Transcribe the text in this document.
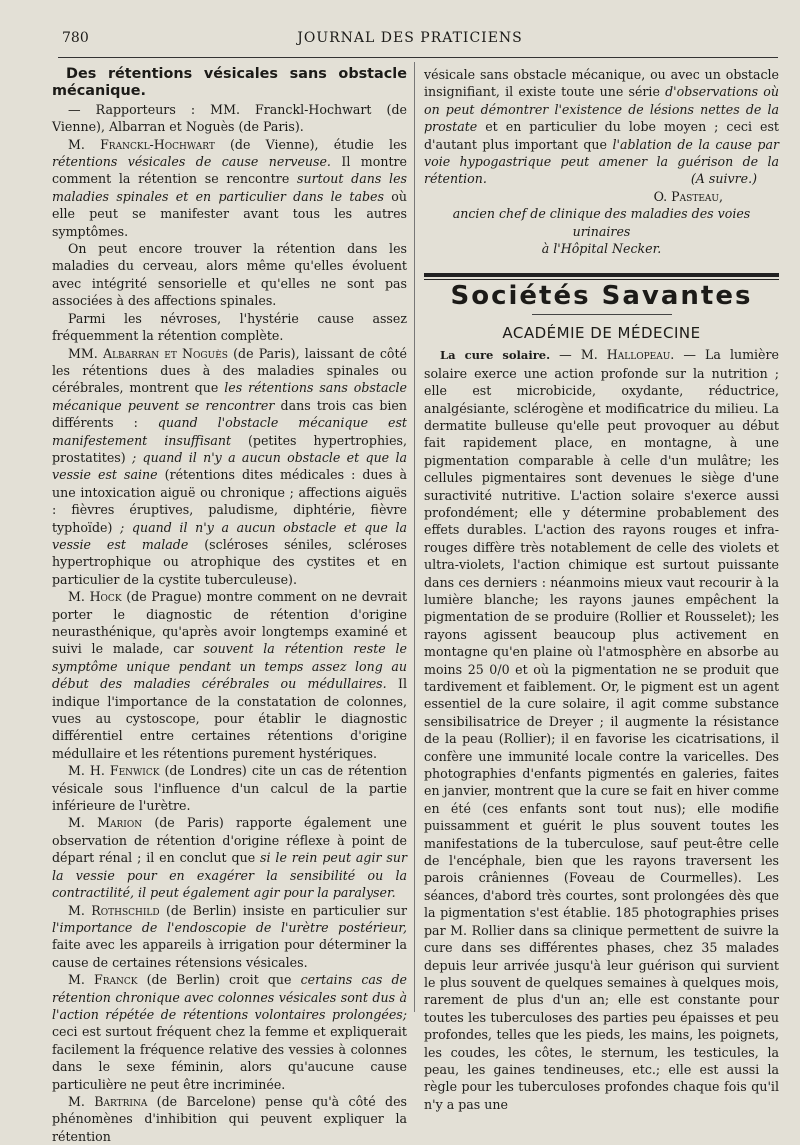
780	JOURNAL DES PRATICIENS

Des rétentions vésicales sans obstacle mécanique.

— Rapporteurs : MM. Franckl-Hochwart (de Vienne), Albarran et Noguès (de Paris).

M. Franckl-Hochwart (de Vienne), étudie les rétentions vésicales de cause nerveuse. Il montre comment la rétention se rencontre surtout dans les maladies spinales et en particulier dans le tabes où elle peut se manifester avant tous les autres symptômes.

On peut encore trouver la rétention dans les maladies du cerveau, alors même qu'elles évoluent avec intégrité sensorielle et qu'elles ne sont pas associées à des affections spinales.

Parmi les névroses, l'hystérie cause assez fréquemment la rétention complète.

MM. Albarran et Noguès (de Paris), laissant de côté les rétentions dues à des maladies spinales ou cérébrales, montrent que les rétentions sans obstacle mécanique peuvent se rencontrer dans trois cas bien différents : quand l'obstacle mécanique est manifestement insuffisant (petites hypertrophies, prostatites) ; quand il n'y a aucun obstacle et que la vessie est saine (rétentions dites médicales : dues à une intoxication aiguë ou chronique ; affections aiguës : fièvres éruptives, paludisme, diphtérie, fièvre typhoïde) ; quand il n'y a aucun obstacle et que la vessie est malade (scléroses séniles, scléroses hypertrophique ou atrophique des cystites et en particulier de la cystite tuberculeuse).

M. Hock (de Prague) montre comment on ne devrait porter le diagnostic de rétention d'origine neurasthénique, qu'après avoir longtemps examiné et suivi le malade, car souvent la rétention reste le symptôme unique pendant un temps assez long au début des maladies cérébrales ou médullaires. Il indique l'importance de la constatation de colonnes, vues au cystoscope, pour établir le diagnostic différentiel entre certaines rétentions d'origine médullaire et les rétentions purement hystériques.

M. H. Fenwick (de Londres) cite un cas de rétention vésicale sous l'influence d'un calcul de la partie inférieure de l'urètre.

M. Marion (de Paris) rapporte également une observation de rétention d'origine réflexe à point de départ rénal ; il en conclut que si le rein peut agir sur la vessie pour en exagérer la sensibilité ou la contractilité, il peut également agir pour la paralyser.

M. Rothschild (de Berlin) insiste en particulier sur l'importance de l'endoscopie de l'urètre postérieur, faite avec les appareils à irrigation pour déterminer la cause de certaines rétensions vésicales.

M. Franck (de Berlin) croit que certains cas de rétention chronique avec colonnes vésicales sont dus à l'action répétée de rétentions volontaires prolongées; ceci est surtout fréquent chez la femme et expliquerait facilement la fréquence relative des vessies à colonnes dans le sexe féminin, alors qu'aucune cause particulière ne peut être incriminée.

M. Bartrina (de Barcelone) pense qu'à côté des phénomènes d'inhibition qui peuvent expliquer la rétention

vésicale sans obstacle mécanique, ou avec un obstacle insignifiant, il existe toute une série d'observations où on peut démontrer l'existence de lésions nettes de la prostate et en particulier du lobe moyen ; ceci est d'autant plus important que l'ablation de la cause par voie hypogastrique peut amener la guérison de la rétention.	(A suivre.)

O. Pasteau,

ancien chef de clinique des maladies des voies urinaires

à l'Hôpital Necker.

Sociétés Savantes
ACADÉMIE DE MÉDECINE

La cure solaire. — M. Hallopeau. — La lumière solaire exerce une action profonde sur la nutrition ; elle est microbicide, oxydante, réductrice, analgésiante, sclérogène et modificatrice du milieu. La dermatite bulleuse qu'elle peut provoquer au début fait rapidement place, en montagne, à une pigmentation comparable à celle d'un mulâtre; les cellules pigmentaires sont devenues le siège d'une suractivité nutritive. L'action solaire s'exerce aussi profondément; elle y détermine probablement des effets durables. L'action des rayons rouges et infra-rouges diffère très notablement de celle des violets et ultra-violets, l'action chimique est surtout puissante dans ces derniers : néanmoins mieux vaut recourir à la lumière blanche; les rayons jaunes empêchent la pigmentation de se produire (Rollier et Rousselet); les rayons agissent beaucoup plus activement en montagne qu'en plaine où l'atmosphère en absorbe au moins 25 0/0 et où la pigmentation ne se produit que tardivement et faiblement. Or, le pigment est un agent essentiel de la cure solaire, il agit comme substance sensibilisatrice de Dreyer ; il augmente la résistance de la peau (Rollier); il en favorise les cicatrisations, il confère une immunité locale contre la varicelles. Des photographies d'enfants pigmentés en galeries, faites en janvier, montrent que la cure se fait en hiver comme en été (ces enfants sont tout nus); elle modifie puissamment et guérit le plus souvent toutes les manifestations de la tuberculose, sauf peut-être celle de l'encéphale, bien que les rayons traversent les parois crâniennes (Foveau de Courmelles). Les séances, d'abord très courtes, sont prolongées dès que la pigmentation s'est établie. 185 photographies prises par M. Rollier dans sa clinique permettent de suivre la cure dans ses différentes phases, chez 35 malades depuis leur arrivée jusqu'à leur guérison qui survient le plus souvent de quelques semaines à quelques mois, rarement de plus d'un an; elle est constante pour toutes les tuberculoses des parties peu épaisses et peu profondes, telles que les pieds, les mains, les poignets, les coudes, les côtes, le sternum, les testicules, la peau, les gaines tendineuses, etc.; elle est aussi la règle pour les tuberculoses profondes chaque fois qu'il n'y a pas une
